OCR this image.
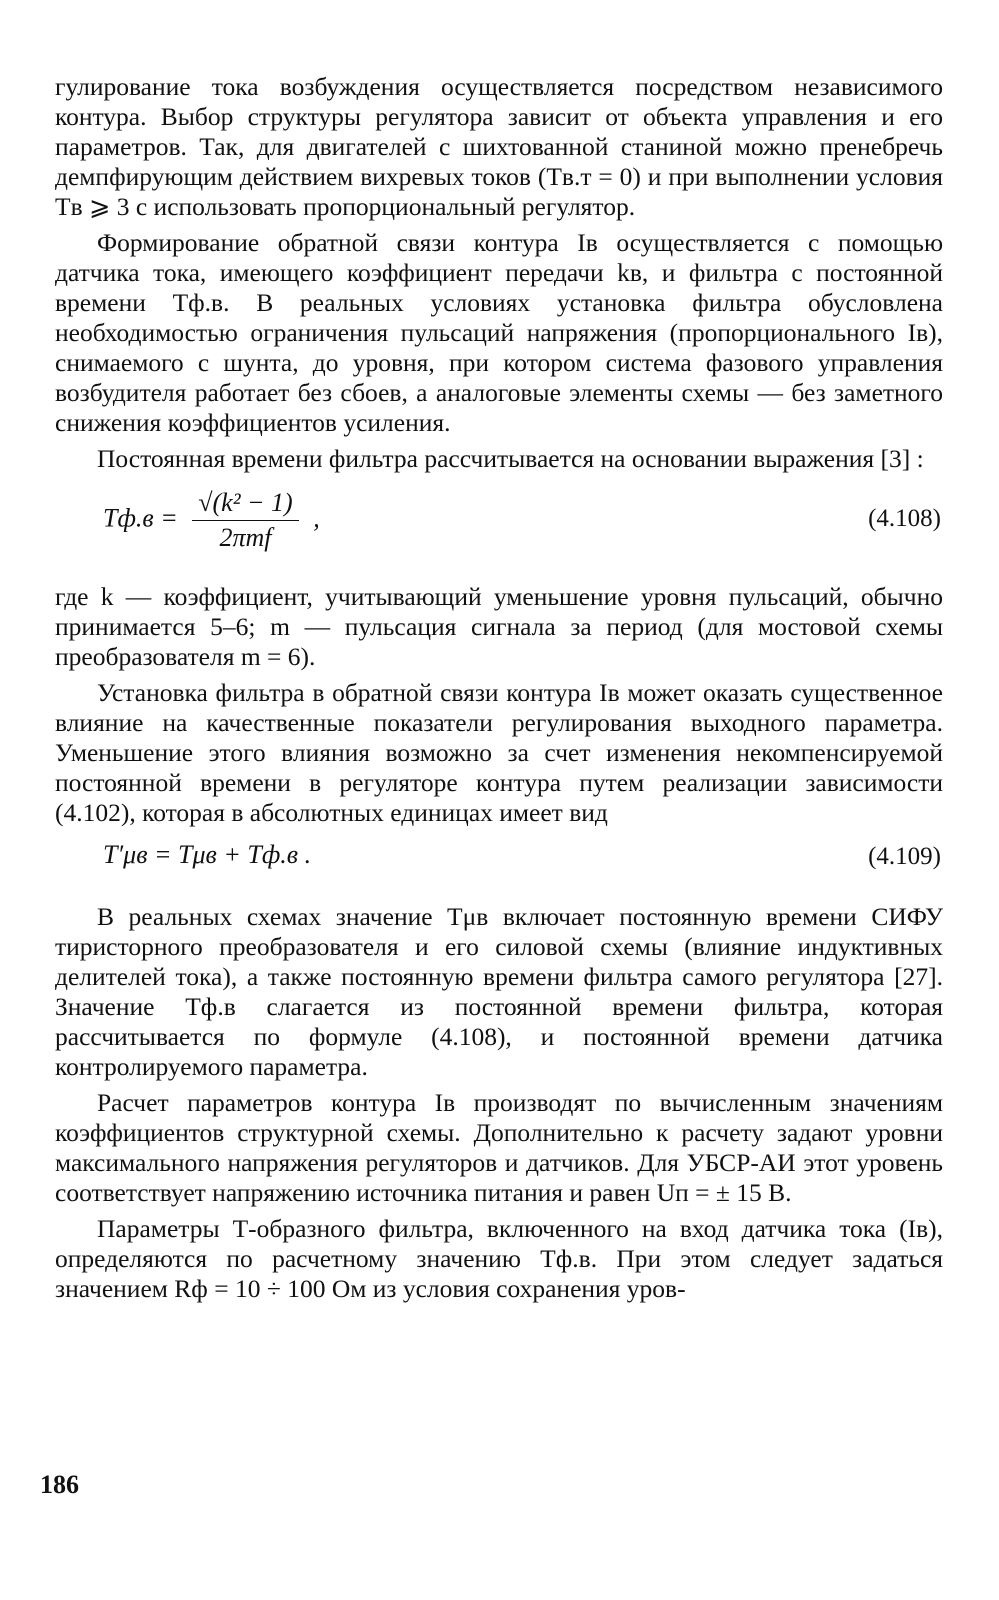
гулирование тока возбуждения осуществляется посредством независимого контура. Выбор структуры регулятора зависит от объекта управления и его параметров. Так, для двигателей с шихтованной станиной можно пренебречь демпфирующим действием вихревых токов (Tв.т = 0) и при выполнении условия Tв ⩾ 3 с использовать пропорциональный регулятор.

Формирование обратной связи контура Iв осуществляется с помощью датчика тока, имеющего коэффициент передачи kв, и фильтра с постоянной времени Tф.в. В реальных условиях установка фильтра обусловлена необходимостью ограничения пульсаций напряжения (пропорционального Iв), снимаемого с шунта, до уровня, при котором система фазового управления возбудителя работает без сбоев, а аналоговые элементы схемы — без заметного снижения коэффициентов усиления.

Постоянная времени фильтра рассчитывается на основании выражения [3] :

$Tф.в = \frac{\text{√(k² − 1)}}{\text{2πmf}}$ ,	(4.108)

где k — коэффициент, учитывающий уменьшение уровня пульсаций, обычно принимается 5–6; m — пульсация сигнала за период (для мостовой схемы преобразователя m = 6).

Установка фильтра в обратной связи контура Iв может оказать существенное влияние на качественные показатели регулирования выходного параметра. Уменьшение этого влияния возможно за счет изменения некомпенсируемой постоянной времени в регуляторе контура путем реализации зависимости (4.102), которая в абсолютных единицах имеет вид

T′μв = Tμв + Tф.в .	(4.109)

В реальных схемах значение Tμв включает постоянную времени СИФУ тиристорного преобразователя и его силовой схемы (влияние индуктивных делителей тока), а также постоянную времени фильтра самого регулятора [27]. Значение Tф.в слагается из постоянной времени фильтра, которая рассчитывается по формуле (4.108), и постоянной времени датчика контролируемого параметра.

Расчет параметров контура Iв производят по вычисленным значениям коэффициентов структурной схемы. Дополнительно к расчету задают уровни максимального напряжения регуляторов и датчиков. Для УБСР-АИ этот уровень соответствует напряжению источника питания и равен Uп = ± 15 В.

Параметры Т-образного фильтра, включенного на вход датчика тока (Iв), определяются по расчетному значению Tф.в. При этом следует задаться значением Rф = 10 ÷ 100 Ом из условия сохранения уров-

186
